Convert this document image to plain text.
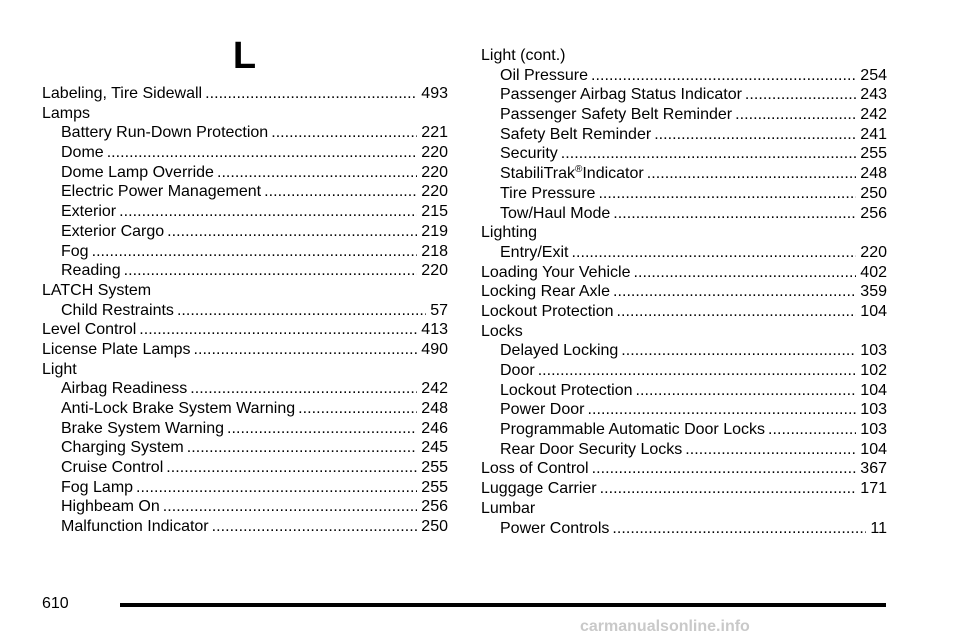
L
Labeling, Tire Sidewall . . .	493
Lamps
Battery Run-Down Protection . . .	221
Dome . . .	220
Dome Lamp Override . . .	220
Electric Power Management . . .	220
Exterior . . .	215
Exterior Cargo . . .	219
Fog . . .	218
Reading . . .	220
LATCH System
Child Restraints . . .	57
Level Control . . .	413
License Plate Lamps . . .	490
Light
Airbag Readiness . . .	242
Anti-Lock Brake System Warning . . .	248
Brake System Warning . . .	246
Charging System . . .	245
Cruise Control . . .	255
Fog Lamp . . .	255
Highbeam On . . .	256
Malfunction Indicator . . .	250
Light (cont.)
Oil Pressure . . .	254
Passenger Airbag Status Indicator . . .	243
Passenger Safety Belt Reminder . . .	242
Safety Belt Reminder . . .	241
Security . . .	255
StabiliTrak®Indicator . . .	248
Tire Pressure . . .	250
Tow/Haul Mode . . .	256
Lighting
Entry/Exit . . .	220
Loading Your Vehicle . . .	402
Locking Rear Axle . . .	359
Lockout Protection . . .	104
Locks
Delayed Locking . . .	103
Door . . .	102
Lockout Protection . . .	104
Power Door . . .	103
Programmable Automatic Door Locks . . .	103
Rear Door Security Locks . . .	104
Loss of Control . . .	367
Luggage Carrier . . .	171
Lumbar
Power Controls . . .	11
610
carmanualsonline.info
